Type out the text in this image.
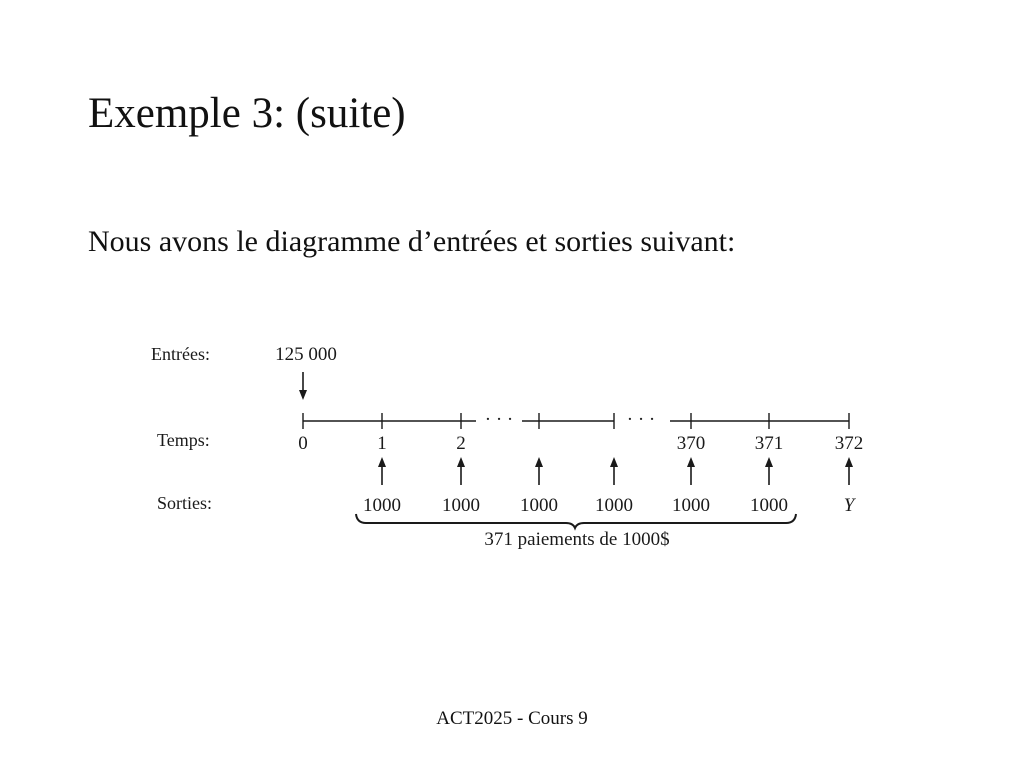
Exemple 3: (suite)
Nous avons le diagramme d’entrées et sorties suivant:
Entrées:
Temps:
Sorties:
125 000
· · ·	· · ·
0	1	2	370	371	372
1000 1000 1000 1000 1000 1000	Y
371 paiements de 1000$
ACT2025 - Cours 9
